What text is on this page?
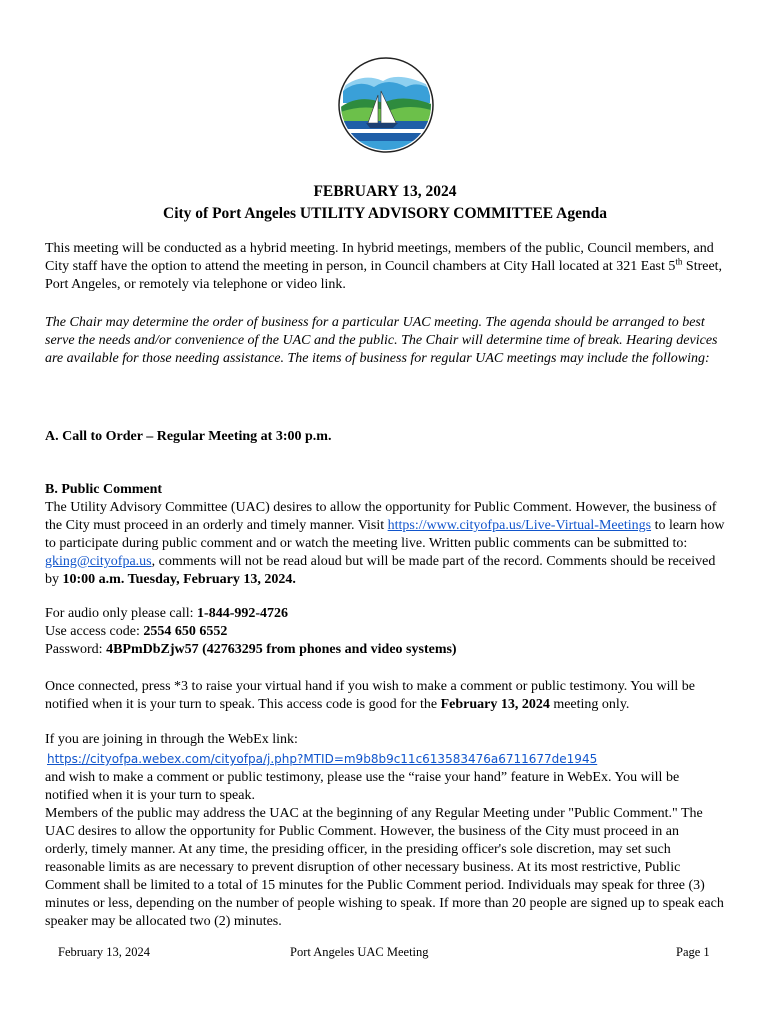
FEBRUARY 13, 2024
City of Port Angeles UTILITY ADVISORY COMMITTEE Agenda
This meeting will be conducted as a hybrid meeting. In hybrid meetings, members of the public, Council members, and City staff have the option to attend the meeting in person, in Council chambers at City Hall located at 321 East 5th Street, Port Angeles, or remotely via telephone or video link.
The Chair may determine the order of business for a particular UAC meeting. The agenda should be arranged to best serve the needs and/or convenience of the UAC and the public. The Chair will determine time of break. Hearing devices are available for those needing assistance. The items of business for regular UAC meetings may include the following:
A. Call to Order – Regular Meeting at 3:00 p.m.
B. Public Comment
The Utility Advisory Committee (UAC) desires to allow the opportunity for Public Comment. However, the business of the City must proceed in an orderly and timely manner. Visit https://www.cityofpa.us/Live-Virtual-Meetings to learn how to participate during public comment and or watch the meeting live. Written public comments can be submitted to: gking@cityofpa.us, comments will not be read aloud but will be made part of the record. Comments should be received by 10:00 a.m. Tuesday, February 13, 2024.
For audio only please call: 1-844-992-4726
Use access code: 2554 650 6552
Password: 4BPmDbZjw57 (42763295 from phones and video systems)
Once connected, press *3 to raise your virtual hand if you wish to make a comment or public testimony. You will be notified when it is your turn to speak. This access code is good for the February 13, 2024 meeting only.
If you are joining in through the WebEx link:
https://cityofpa.webex.com/cityofpa/j.php?MTID=m9b8b9c11c613583476a6711677de1945
and wish to make a comment or public testimony, please use the “raise your hand” feature in WebEx. You will be notified when it is your turn to speak.
Members of the public may address the UAC at the beginning of any Regular Meeting under "Public Comment." The UAC desires to allow the opportunity for Public Comment. However, the business of the City must proceed in an orderly, timely manner. At any time, the presiding officer, in the presiding officer's sole discretion, may set such reasonable limits as are necessary to prevent disruption of other necessary business. At its most restrictive, Public Comment shall be limited to a total of 15 minutes for the Public Comment period. Individuals may speak for three (3) minutes or less, depending on the number of people wishing to speak. If more than 20 people are signed up to speak each speaker may be allocated two (2) minutes.
February 13, 2024	Port Angeles UAC Meeting	Page 1
